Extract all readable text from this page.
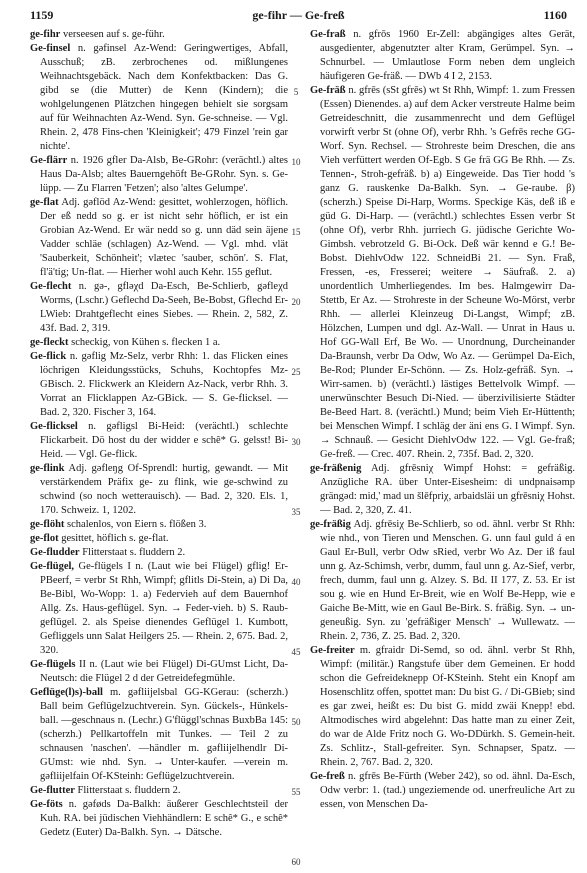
1159	ge-fihr — Ge-freß	1160

ge-fihr verseesen auf s. ge-führ.

Ge-finsel n. gəfinsel Az-Wend: Geringwertiges, Abfall, Ausschuß; zB. zerbrochenes od. mißlungenes Weihnachtsgebäck. Nach dem Konfektbacken: Das G. gibd se (die Mutter) de Kenn (Kindern); die wohlgelungenen Plätzchen hingegen behielt sie sorgsam auf für Weihnachten Az-Wend. Syn. Ge-schneise. — Vgl. Rhein. 2, 478 Fins-chen 'Kleinigkeit'; 479 Finzel 'rein gar nichte'.

Ge-flärr n. 1926 gfler Da-Alsb, Be-GRohr: (verächtl.) altes Haus Da-Alsb; altes Bauerngehöft Be-GRohr. Syn. s. Ge-lüpp. — Zu Flarren 'Fetzen'; also 'altes Gelumpe'.

ge-flat Adj. gəflöd Az-Wend: gesittet, wohlerzogen, höflich. Der eß nedd so g. er ist nicht sehr höflich, er ist ein Grobian Az-Wend. Er wär nedd so g. unn däd sein äjene Vadder schläe (schlagen) Az-Wend. — Vgl. mhd. vlät 'Sauberkeit, Schönheit'; vlætec 'sauber, schön'. S. Flat, fl'ä'tig; Un-flat. — Hierher wohl auch Kehr. 155 geflut.

Ge-flecht n. gə-, gfləχd Da-Esch, Be-Schlierb, gəfleχd Worms, (Lschr.) Geflechd Da-Seeh, Be-Bobst, Gflechd Er-LWieb: Drahtgeflecht eines Siebes. — Rhein. 2, 582, Z. 43f. Bad. 2, 319.

ge-fleckt scheckig, von Kühen s. flecken 1 a.

Ge-flick n. gəflig Mz-Selz, verbr Rhh: 1. das Flicken eines löchrigen Kleidungsstücks, Schuhs, Kochtopfes Mz-GBisch. 2. Flickwerk an Kleidern Az-Nack, verbr Rhh. 3. Vorrat an Flicklappen Az-GBick. — S. Ge-flicksel. — Bad. 2, 320. Fischer 3, 164.

Ge-flicksel n. gəfligsl Bi-Heid: (verächtl.) schlechte Flickarbeit. Dö host du der widder e schê* G. gelsst! Bi-Heid. — Vgl. Ge-flick.

ge-flink Adj. gəfleŋg Of-Sprendl: hurtig, gewandt. — Mit verstärkendem Präfix ge- zu flink, wie ge-schwind zu schwind (so noch wetterauisch). — Bad. 2, 320. Els. 1, 170. Schweiz. 1, 1202.

ge-flöht schalenlos, von Eiern s. flößen 3.

ge-flot gesittet, höflich s. ge-flat.

Ge-fludder Flitterstaat s. fluddern 2.

Ge-flügel, Ge-flügels I n. (Laut wie bei Flügel) gflig! Er-PBeerf, = verbr St Rhh, Wimpf; gflitls Di-Stein, a) Di Da, Be-Bibl, Wo-Wopp: 1. a) Federvieh auf dem Bauernhof Allg. Zs. Haus-geflügel. Syn. → Feder-vieh. b) S. Raub-geflügel. 2. als Speise dienendes Geflügel 1. Kumbott, Gefliggels unn Salat Heilgers 25. — Rhein. 2, 675. Bad. 2, 320.

Ge-flügels II n. (Laut wie bei Flügel) Di-GUmst Licht, Da-Neutsch: die Flügel 2 d der Getreidefegmühle.

Geflüge(l)s)-ball m. gəfliijelsbal GG-KGerau: (scherzh.) Ball beim Geflügelzuchtverein. Syn. Gückels-, Hünkels-ball. —geschnaus n. (Lechr.) G'flüggl'schnas BuxbBa 145: (scherzh.) Pellkartoffeln mit Tunkes. — Teil 2 zu schnausen 'naschen'. —händler m. gəfliijelhendlr Di-GUmst: wie nhd. Syn. → Unter-kaufer. —verein m. gəfliijelfain Of-KSteinh: Geflügelzuchtverein.

Ge-flutter Flitterstaat s. fluddern 2.

Ge-föts n. gəføds Da-Balkh: äußerer Geschlechtsteil der Kuh. RA. bei jüdischen Viehhändlern: E schê* G., e schê* Gedetz (Euter) Da-Balkh. Syn. → Dätsche.

5
10
15
20
25
30
35
40
45
50
55
60

Ge-fraß n. gfrōs 1960 Er-Zell: abgängiges altes Gerät, ausgedienter, abgenutzter alter Kram, Gerümpel. Syn. → Schnurbel. — Umlautlose Form neben dem ungleich häufigeren Ge-fräß. — DWb 4 I 2, 2153.

Ge-fräß n. gfrēs (sSt gfrēs) wt St Rhh, Wimpf: 1. zum Fressen (Essen) Dienendes. a) auf dem Acker verstreute Halme beim Getreideschnitt, die zusammenrecht und dem Geflügel vorwirft verbr St (ohne Of), verbr Rhh. 's Gefrēs reche GG-Worf. Syn. Rechsel. — Strohreste beim Dreschen, die ans Vieh verfüttert werden Of-Egb. S Ge frä GG Be Rhh. — Zs. Tennen-, Stroh-gefräß. b) a) Eingeweide. Das Tier hodd 's ganz G. rauskenke Da-Balkh. Syn. → Ge-raube. β) (scherzh.) Speise Di-Harp, Worms. Speckige Käs, deß iß e güd G. Di-Harp. — (verächtl.) schlechtes Essen verbr St (ohne Of), verbr Rhh. jurriech G. jüdische Gerichte Wo-Gimbsh. vebrotzeld G. Bi-Ock. Deß wär kennd e G.! Be-Bobst. DiehlvOdw 122. SchneidBi 21. — Syn. Fraß, Fressen, -es, Fresserei; weitere → Säufraß. 2. a) unordentlich Umherliegendes. Im bes. Halmgewirr Da-Stettb, Er Az. — Strohreste in der Scheune Wo-Mörst, verbr Rhh. — allerlei Kleinzeug Di-Langst, Wimpf; zB. Hölzchen, Lumpen und dgl. Az-Wall. — Unrat in Haus u. Hof GG-Wall Erf, Be Wo. — Unordnung, Durcheinander Da-Braunsh, verbr Da Odw, Wo Az. — Gerümpel Da-Eich, Be-Rod; Plunder Er-Schönn. — Zs. Holz-gefräß. Syn. → Wirr-samen. b) (verächtl.) lästiges Bettelvolk Wimpf. — unerwünschter Besuch Di-Nied. — überzivilisierte Städter Be-Beed Hart. 8. (verächtl.) Mund; beim Vieh Er-Hüttenth; bei Menschen Wimpf. I schläg der äni ens G. I Wimpf. Syn. → Schnauß. — Gesicht DiehlvOdw 122. — Vgl. Ge-fraß; Ge-freß. — Crec. 407. Rhein. 2, 735f. Bad. 2, 320.

ge-fräßenig Adj. gfrēsniχ Wimpf Hohst: = gefräßig. Anzügliche RA. über Unter-Eisesheim: di undpnaisəmp grängəd: mid,' mad un šlēfpriχ, arbaidsläi un gfrēsniχ Hohst. — Bad. 2, 320, Z. 41.

ge-fräßig Adj. gfrēsiχ Be-Schlierb, so od. ähnl. verbr St Rhh: wie nhd., von Tieren und Menschen. G. unn faul guld á en Gaul Er-Bull, verbr Odw sRied, verbr Wo Az. Der iß faul unn g. Az-Schimsh, verbr, dumm, faul unn g. Az-Sief, verbr, frech, dumm, faul unn g. Alzey. S. Bd. II 177, Z. 53. Er ist sou g. wie en Hund Er-Breit, wie en Wolf Be-Hepp, wie e Gaiche Be-Mitt, wie en Gaul Be-Birk. S. fräßig. Syn. → un-geneußig. Syn. zu 'gefräßiger Mensch' → Wullewatz. — Rhein. 2, 736, Z. 25. Bad. 2, 320.

Ge-freiter m. gfraidr Di-Semd, so od. ähnl. verbr St Rhh, Wimpf: (militär.) Rangstufe über dem Gemeinen. Er hodd schon die Gefreideknepp Of-KSteinh. Steht ein Knopf am Hosenschlitz offen, spottet man: Du bist G. / Di-GBieb; sind es gar zwei, heißt es: Du bist G. midd zwäi Knepp! ebd. Altmodisches wird abgelehnt: Das hatte man zu einer Zeit, do war de Alde Fritz noch G. Wo-DDürkh. S. Gemein-heit. Zs. Schlitz-, Stall-gefreiter. Syn. Schnapser, Spatz. — Rhein. 2, 767. Bad. 2, 320.

Ge-freß n. gfrēs Be-Fürth (Weber 242), so od. ähnl. Da-Esch, Odw verbr: 1. (tad.) ungeziemende od. unerfreuliche Art zu essen, von Menschen Da-
